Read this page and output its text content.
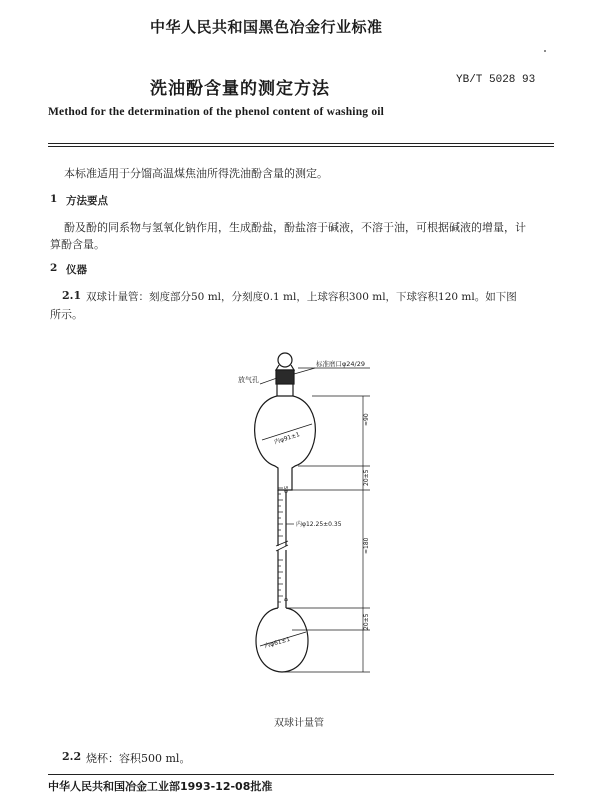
中华人民共和国黑色冶金行业标准
洗油酚含量的测定方法	YB/T 5028 93
Method for the determination of the phenol content of washing oil
本标准适用于分馏高温煤焦油所得洗油酚含量的测定。
1 方法要点
酚及酚的同系物与氢氧化钠作用，生成酚盐，酚盐溶于碱液，不溶于油，可根据碱液的增量，计
算酚含量。
2 仪器
2.1 双球计量管：刻度部分50 ml，分刻度0.1 ml，上球容积300 ml，下球容积120 ml。如下图
所示。
放气孔
标准磨口φ24/29
内φ91±1
内φ12.25±0.35
内φ61±1
50
0
≈90
20±5
≈180
20±5
双球计量管
2.2 烧杯：容积500 ml。
中华人民共和国冶金工业部1993-12-08批准
